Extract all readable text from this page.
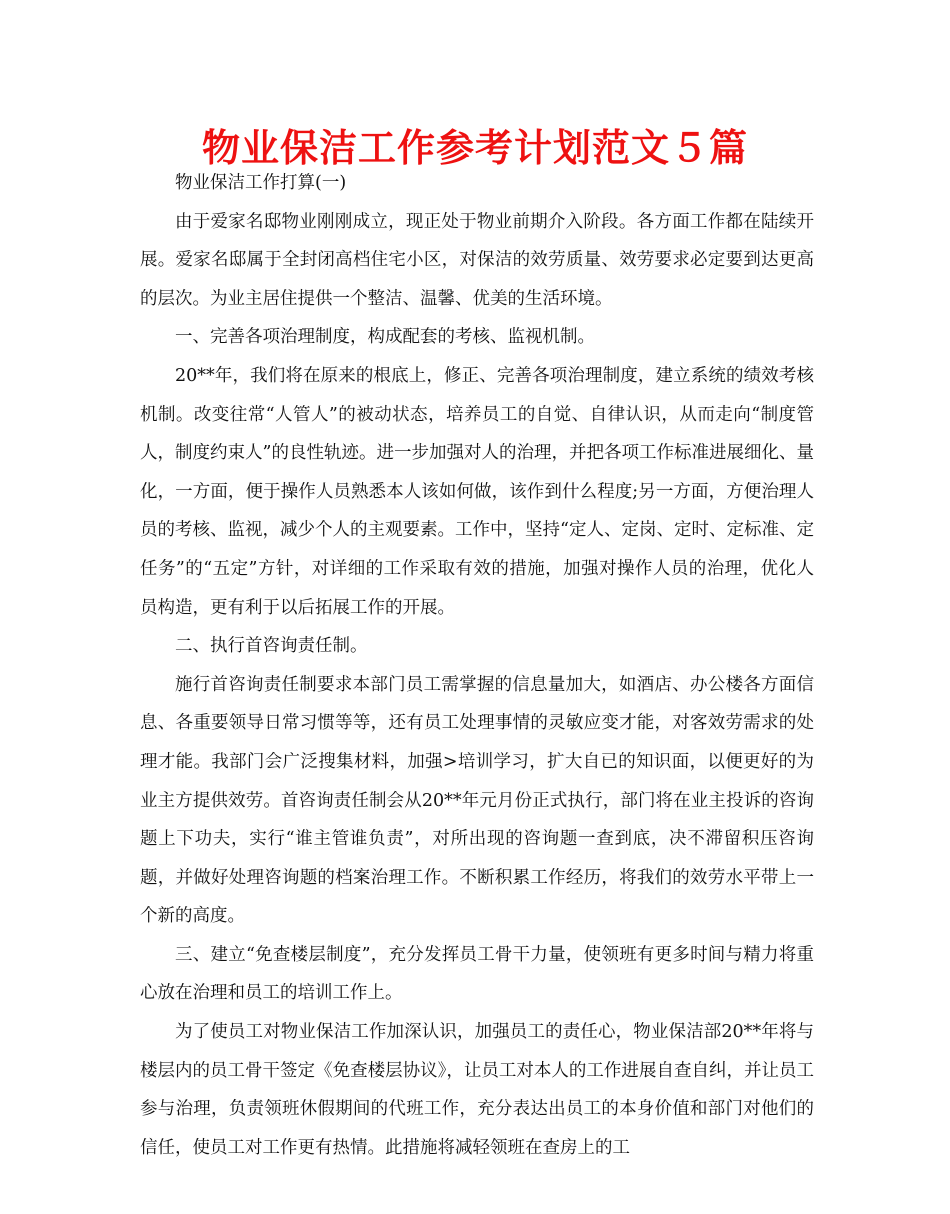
物业保洁工作参考计划范文５篇

物业保洁工作打算(一)

由于爱家名邸物业刚刚成立，现正处于物业前期介入阶段。各方面工作都在陆续开展。爱家名邸属于全封闭高档住宅小区，对保洁的效劳质量、效劳要求必定要到达更高的层次。为业主居住提供一个整洁、温馨、优美的生活环境。

一、完善各项治理制度，构成配套的考核、监视机制。

20**年，我们将在原来的根底上，修正、完善各项治理制度，建立系统的绩效考核机制。改变往常“人管人”的被动状态，培养员工的自觉、自律认识，从而走向“制度管人，制度约束人”的良性轨迹。进一步加强对人的治理，并把各项工作标准进展细化、量化，一方面，便于操作人员熟悉本人该如何做，该作到什么程度;另一方面，方便治理人员的考核、监视，减少个人的主观要素。工作中，坚持“定人、定岗、定时、定标准、定任务”的“五定”方针，对详细的工作采取有效的措施，加强对操作人员的治理，优化人员构造，更有利于以后拓展工作的开展。

二、执行首咨询责任制。

施行首咨询责任制要求本部门员工需掌握的信息量加大，如酒店、办公楼各方面信息、各重要领导日常习惯等等，还有员工处理事情的灵敏应变才能，对客效劳需求的处理才能。我部门会广泛搜集材料，加强>培训学习，扩大自已的知识面，以便更好的为业主方提供效劳。首咨询责任制会从20**年元月份正式执行，部门将在业主投诉的咨询题上下功夫，实行“谁主管谁负责”，对所出现的咨询题一查到底，决不滞留积压咨询题，并做好处理咨询题的档案治理工作。不断积累工作经历，将我们的效劳水平带上一个新的高度。

三、建立“免查楼层制度”，充分发挥员工骨干力量，使领班有更多时间与精力将重心放在治理和员工的培训工作上。

为了使员工对物业保洁工作加深认识，加强员工的责任心，物业保洁部20**年将与楼层内的员工骨干签定《免查楼层协议》，让员工对本人的工作进展自查自纠，并让员工参与治理，负责领班休假期间的代班工作，充分表达出员工的本身价值和部门对他们的信任，使员工对工作更有热情。此措施将减轻领班在查房上的工
